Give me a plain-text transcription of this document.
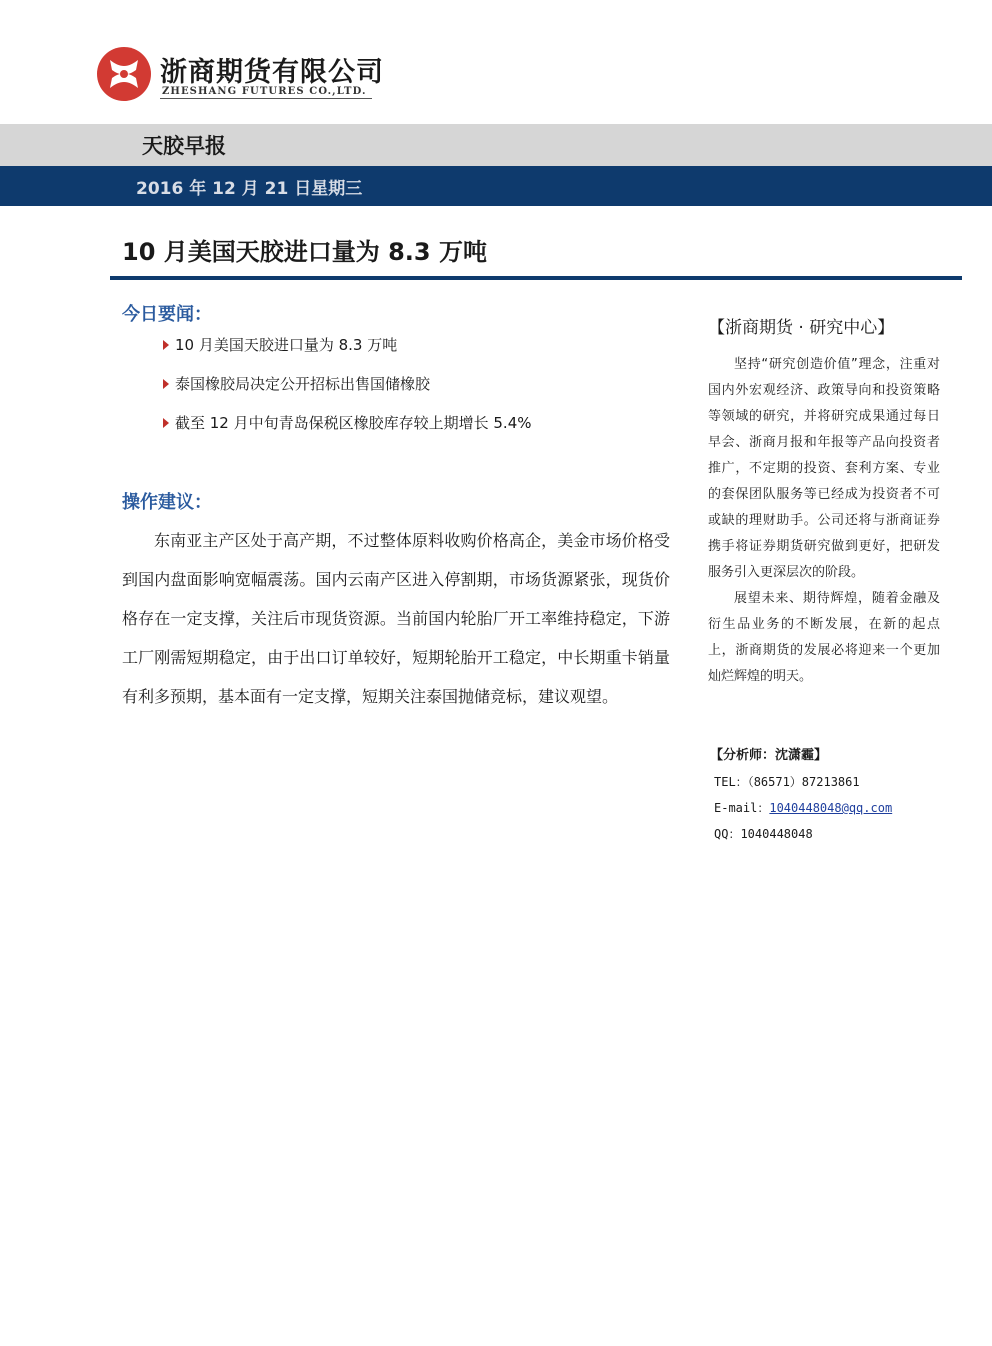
浙商期货有限公司
ZHESHANG FUTURES CO.,LTD.
天胶早报
2016 年 12 月 21 日星期三
10 月美国天胶进口量为 8.3 万吨
今日要闻：
10 月美国天胶进口量为 8.3 万吨
泰国橡胶局决定公开招标出售国储橡胶
截至 12 月中旬青岛保税区橡胶库存较上期增长 5.4%
操作建议：

东南亚主产区处于高产期，不过整体原料收购价格高企，美金市场价格受到国内盘面影响宽幅震荡。国内云南产区进入停割期，市场货源紧张，现货价格存在一定支撑，关注后市现货资源。当前国内轮胎厂开工率维持稳定，下游工厂刚需短期稳定，由于出口订单较好，短期轮胎开工稳定，中长期重卡销量有利多预期，基本面有一定支撑，短期关注泰国抛储竞标，建议观望。

【浙商期货 · 研究中心】

坚持“研究创造价值”理念，注重对国内外宏观经济、政策导向和投资策略等领域的研究，并将研究成果通过每日早会、浙商月报和年报等产品向投资者推广，不定期的投资、套利方案、专业的套保团队服务等已经成为投资者不可或缺的理财助手。公司还将与浙商证券携手将证券期货研究做到更好，把研发服务引入更深层次的阶段。

展望未来、期待辉煌，随着金融及衍生品业务的不断发展，在新的起点上，浙商期货的发展必将迎来一个更加灿烂辉煌的明天。

【分析师：沈潇霾】
TEL：（86571）87213861
E-mail：1040448048@qq.com
QQ：1040448048
